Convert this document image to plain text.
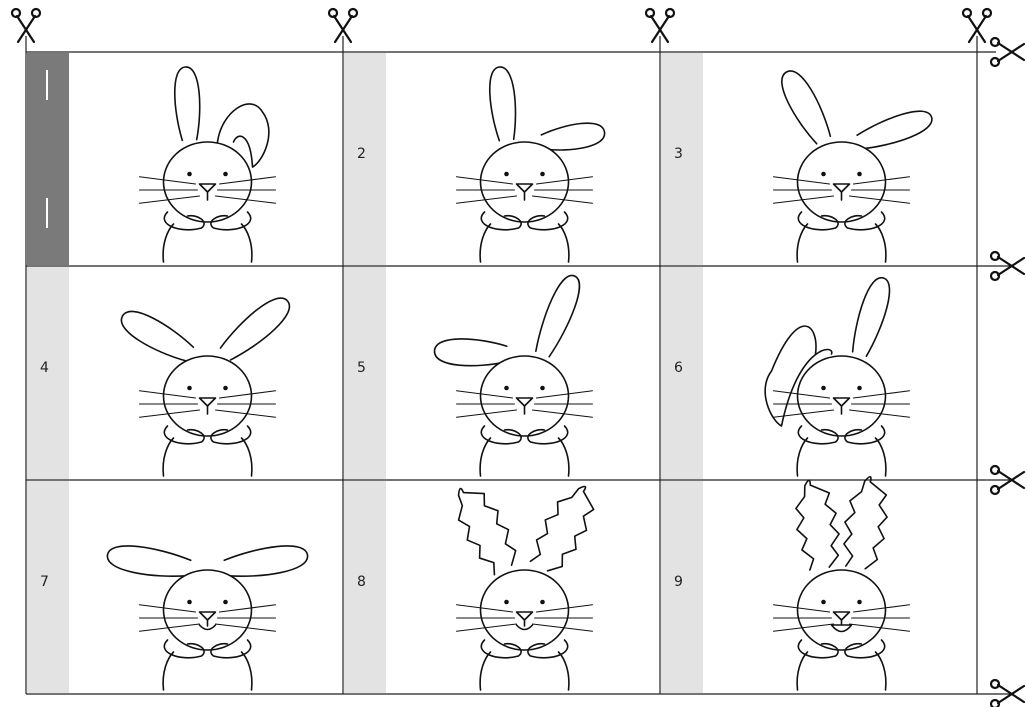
2	3
4	5	6
7	8	9
